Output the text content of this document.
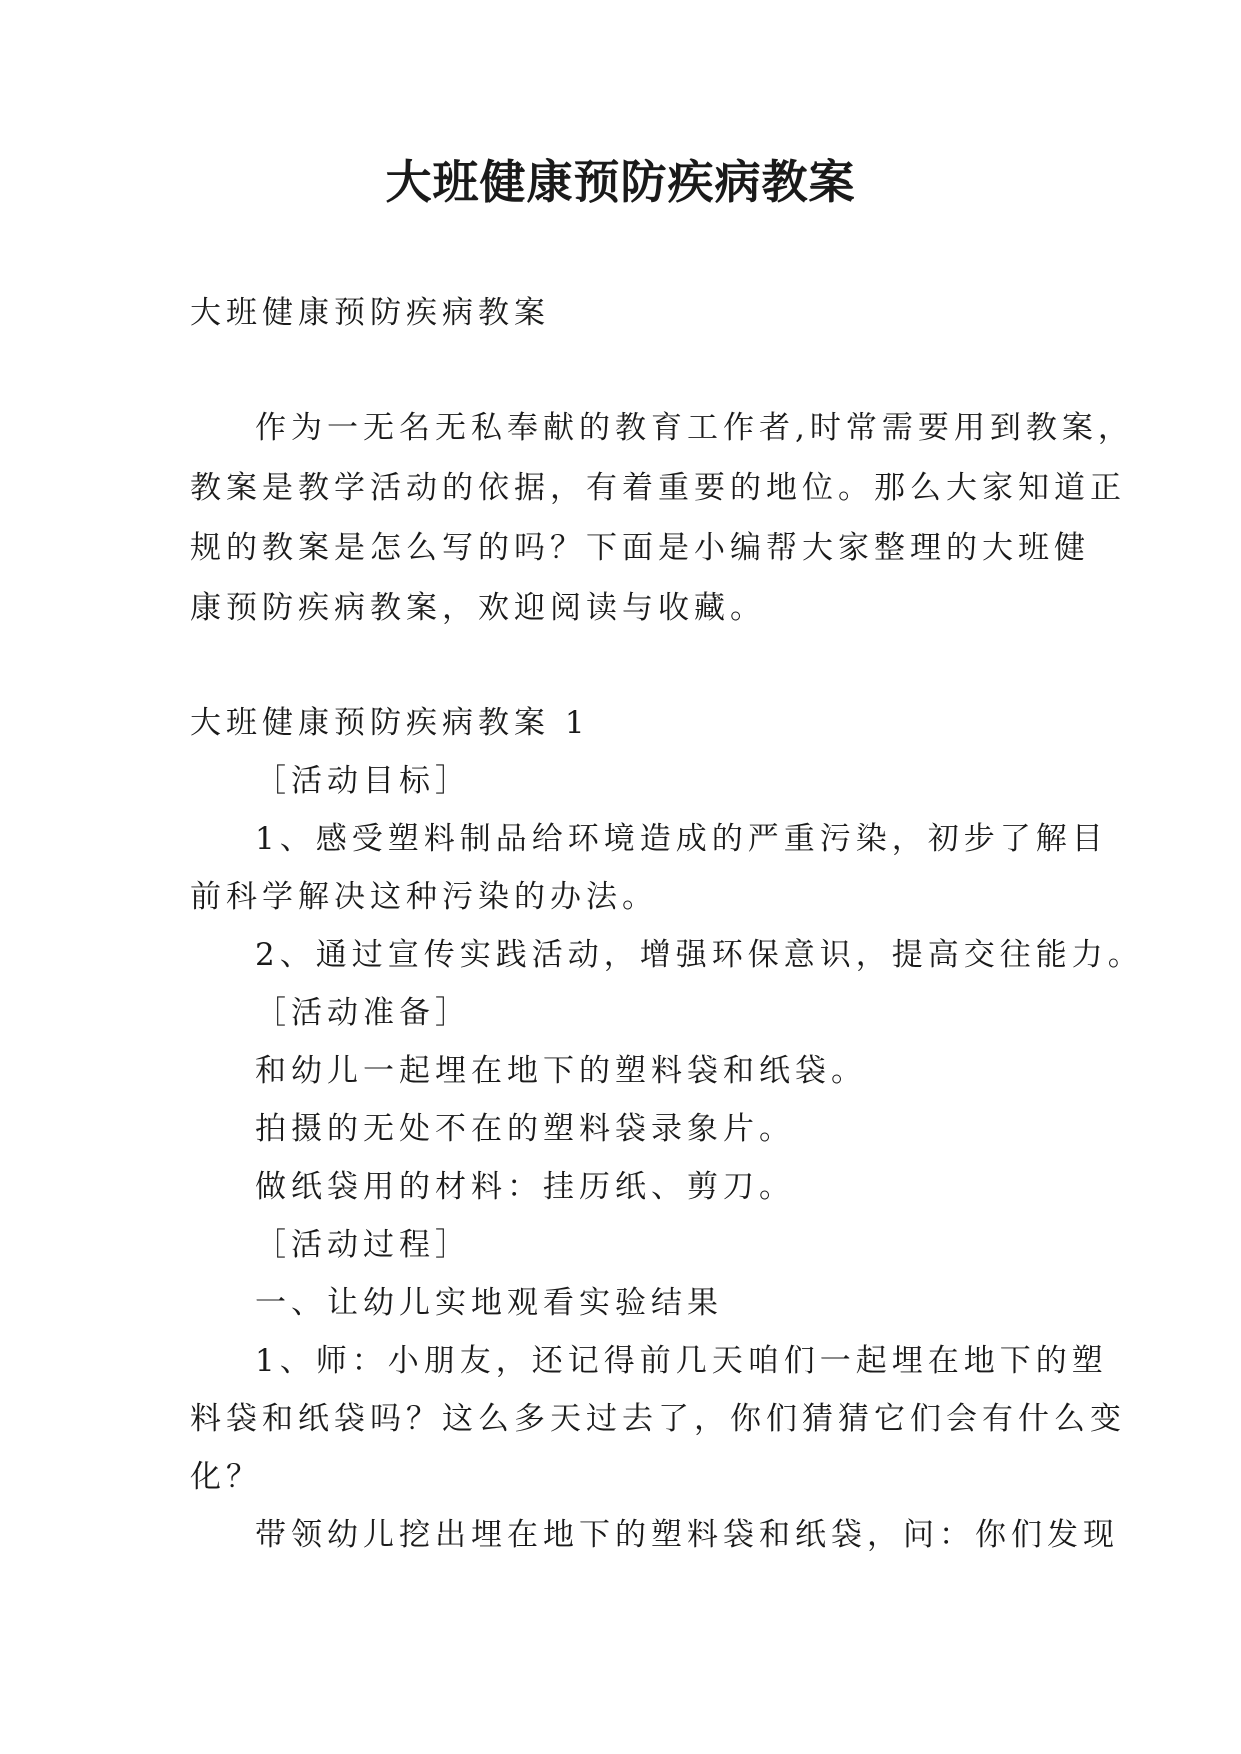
大班健康预防疾病教案
大班健康预防疾病教案
作为一无名无私奉献的教育工作者,时常需要用到教案，
教案是教学活动的依据，有着重要的地位。那么大家知道正
规的教案是怎么写的吗？下面是小编帮大家整理的大班健
康预防疾病教案，欢迎阅读与收藏。
大班健康预防疾病教案 1
［活动目标］
1、感受塑料制品给环境造成的严重污染，初步了解目
前科学解决这种污染的办法。
2、通过宣传实践活动，增强环保意识，提高交往能力。
［活动准备］
和幼儿一起埋在地下的塑料袋和纸袋。
拍摄的无处不在的塑料袋录象片。
做纸袋用的材料：挂历纸、剪刀。
［活动过程］
一、让幼儿实地观看实验结果
1、师：小朋友，还记得前几天咱们一起埋在地下的塑
料袋和纸袋吗？这么多天过去了，你们猜猜它们会有什么变
化？
带领幼儿挖出埋在地下的塑料袋和纸袋，问：你们发现
